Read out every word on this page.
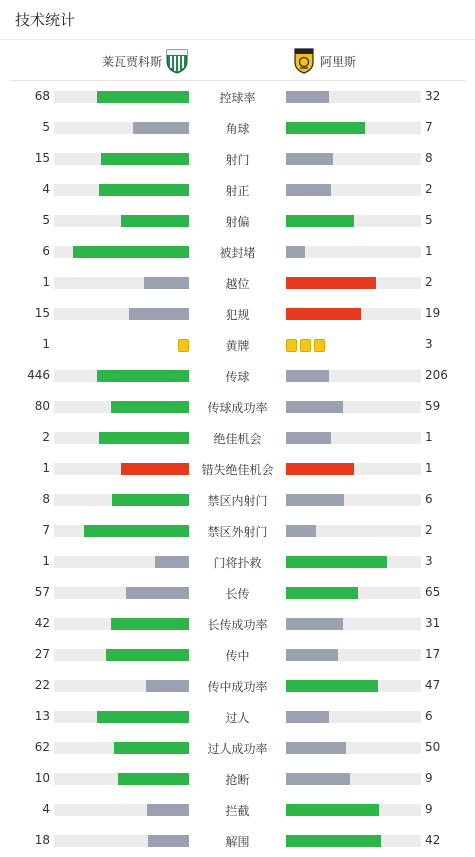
技术统计
莱瓦贾科斯	阿里斯
68	控球率	32
5	角球	7
15	射门	8
4	射正	2
5	射偏	5
6	被封堵	1
1	越位	2
15	犯规	19
1	黄牌	3
446	传球	206
80	传球成功率	59
2	绝佳机会	1
1	错失绝佳机会	1
8	禁区内射门	6
7	禁区外射门	2
1	门将扑救	3
57	长传	65
42	长传成功率	31
27	传中	17
22	传中成功率	47
13	过人	6
62	过人成功率	50
10	抢断	9
4	拦截	9
18	解围	42
